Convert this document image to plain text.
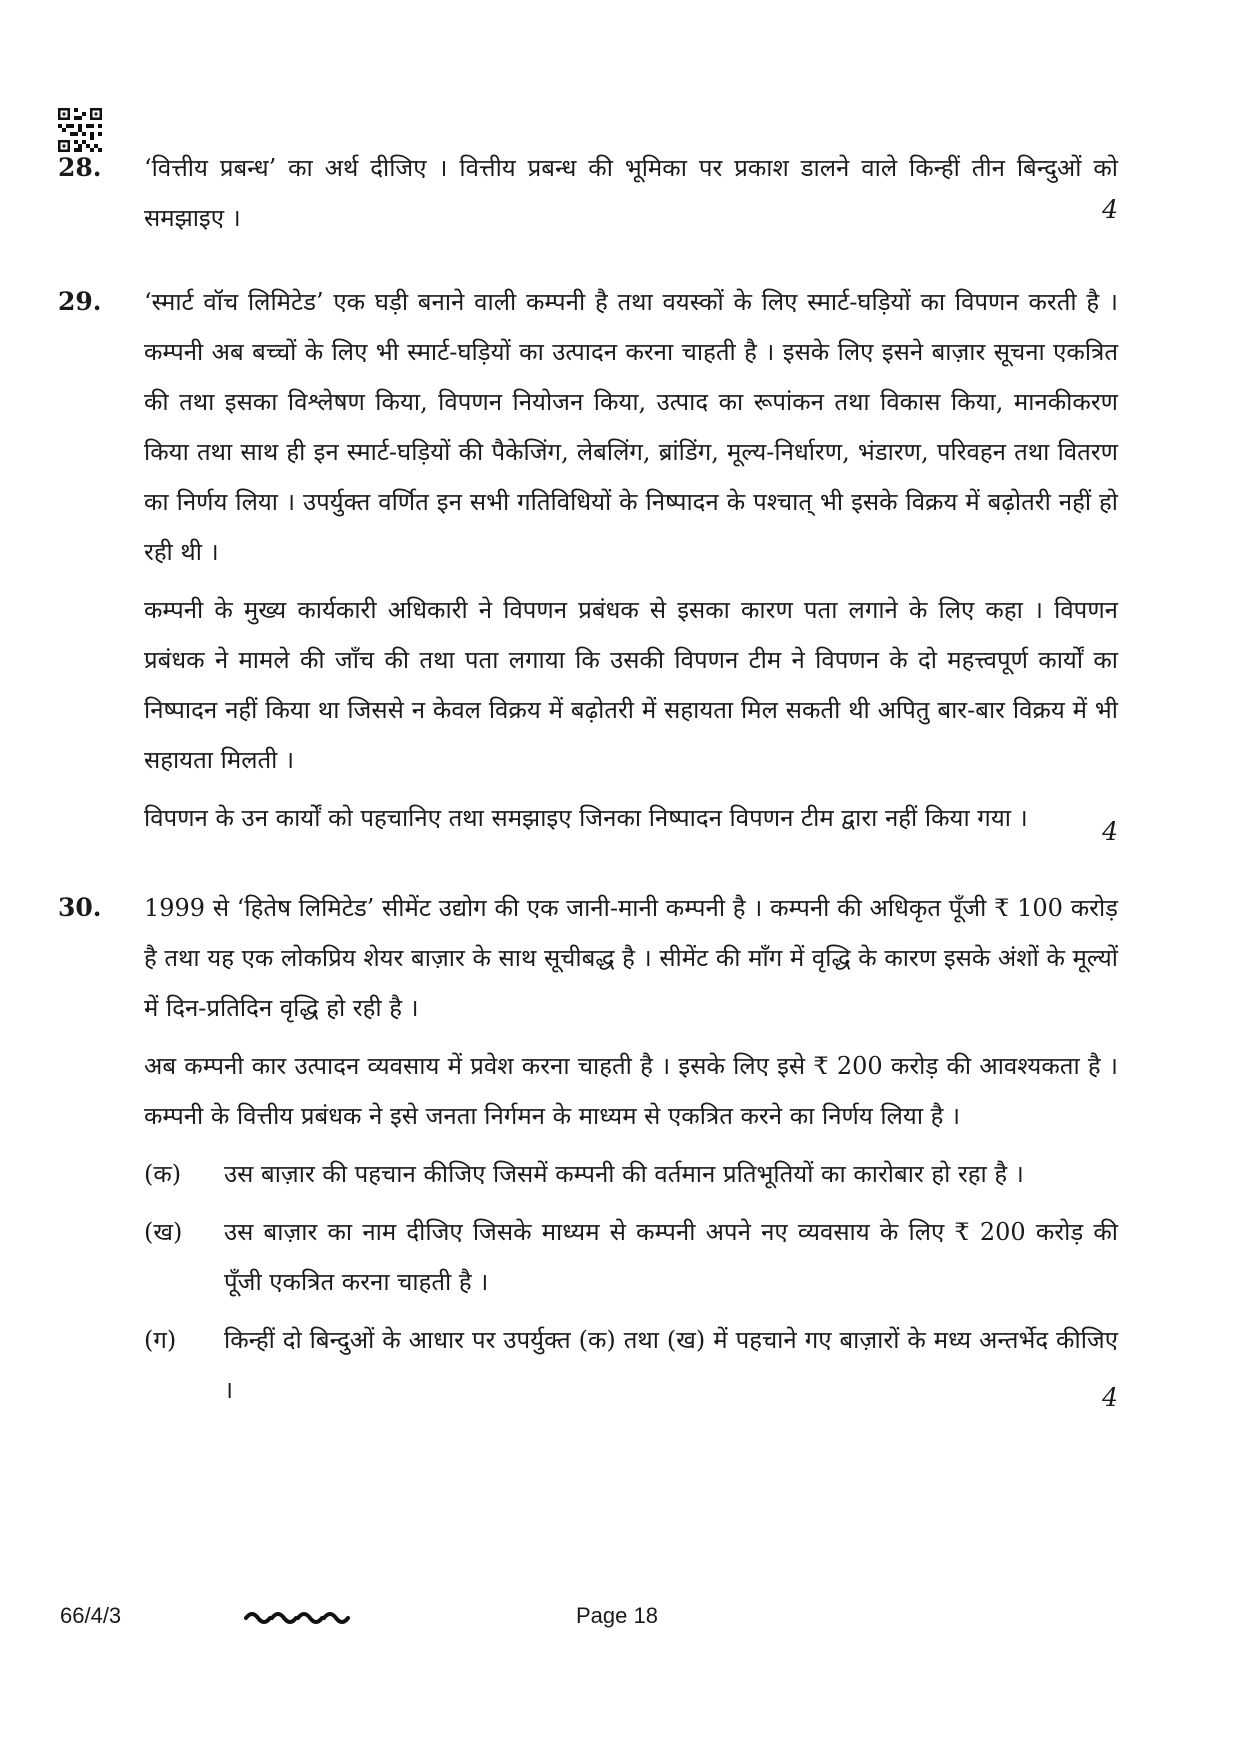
28. ‘वित्तीय प्रबन्ध’ का अर्थ दीजिए । वित्तीय प्रबन्ध की भूमिका पर प्रकाश डालने वाले किन्हीं तीन बिन्दुओं को समझाइए ।	4
29. ‘स्मार्ट वॉच लिमिटेड’ एक घड़ी बनाने वाली कम्पनी है तथा वयस्कों के लिए स्मार्ट-घड़ियों का विपणन करती है । कम्पनी अब बच्चों के लिए भी स्मार्ट-घड़ियों का उत्पादन करना चाहती है । इसके लिए इसने बाज़ार सूचना एकत्रित की तथा इसका विश्लेषण किया, विपणन नियोजन किया, उत्पाद का रूपांकन तथा विकास किया, मानकीकरण किया तथा साथ ही इन स्मार्ट-घड़ियों की पैकेजिंग, लेबलिंग, ब्रांडिंग, मूल्य-निर्धारण, भंडारण, परिवहन तथा वितरण का निर्णय लिया । उपर्युक्त वर्णित इन सभी गतिविधियों के निष्पादन के पश्चात् भी इसके विक्रय में बढ़ोतरी नहीं हो रही थी ।

कम्पनी के मुख्य कार्यकारी अधिकारी ने विपणन प्रबंधक से इसका कारण पता लगाने के लिए कहा । विपणन प्रबंधक ने मामले की जाँच की तथा पता लगाया कि उसकी विपणन टीम ने विपणन के दो महत्त्वपूर्ण कार्यों का निष्पादन नहीं किया था जिससे न केवल विक्रय में बढ़ोतरी में सहायता मिल सकती थी अपितु बार-बार विक्रय में भी सहायता मिलती ।

विपणन के उन कार्यों को पहचानिए तथा समझाइए जिनका निष्पादन विपणन टीम द्वारा नहीं किया गया ।	4
30. 1999 से ‘हितेष लिमिटेड’ सीमेंट उद्योग की एक जानी-मानी कम्पनी है । कम्पनी की अधिकृत पूँजी ₹ 100 करोड़ है तथा यह एक लोकप्रिय शेयर बाज़ार के साथ सूचीबद्ध है । सीमेंट की माँग में वृद्धि के कारण इसके अंशों के मूल्यों में दिन-प्रतिदिन वृद्धि हो रही है ।

अब कम्पनी कार उत्पादन व्यवसाय में प्रवेश करना चाहती है । इसके लिए इसे ₹ 200 करोड़ की आवश्यकता है । कम्पनी के वित्तीय प्रबंधक ने इसे जनता निर्गमन के माध्यम से एकत्रित करने का निर्णय लिया है ।

(क) उस बाज़ार की पहचान कीजिए जिसमें कम्पनी की वर्तमान प्रतिभूतियों का कारोबार हो रहा है ।

(ख) उस बाज़ार का नाम दीजिए जिसके माध्यम से कम्पनी अपने नए व्यवसाय के लिए ₹ 200 करोड़ की पूँजी एकत्रित करना चाहती है ।

(ग) किन्हीं दो बिन्दुओं के आधार पर उपर्युक्त (क) तथा (ख) में पहचाने गए बाज़ारों के मध्य अन्तर्भेद कीजिए ।	4
66/4/3	Page 18
